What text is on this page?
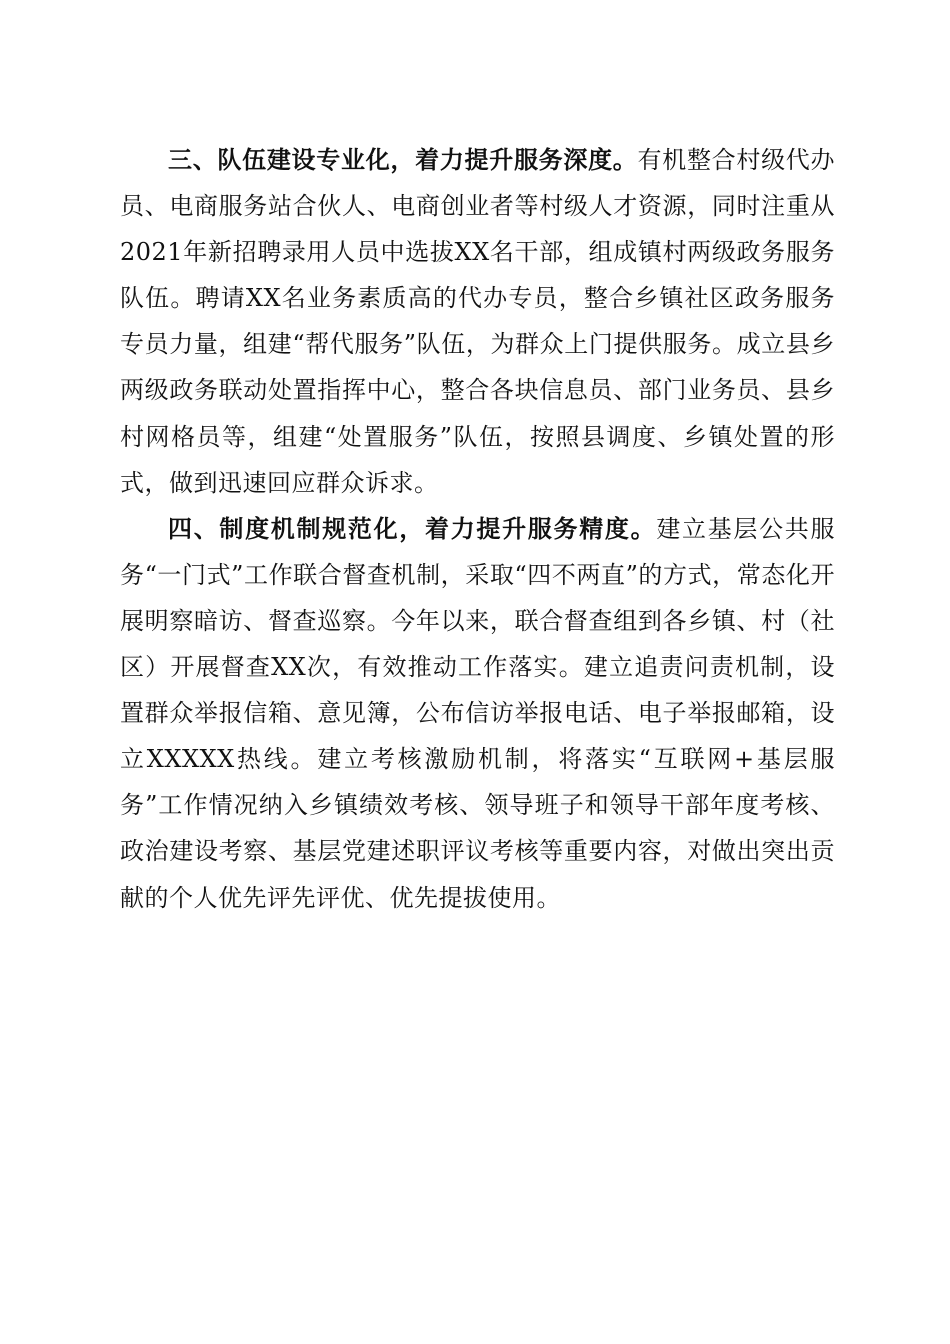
三、队伍建设专业化，着力提升服务深度。有机整合村级代办员、电商服务站合伙人、电商创业者等村级人才资源，同时注重从2021年新招聘录用人员中选拔XX名干部，组成镇村两级政务服务队伍。聘请XX名业务素质高的代办专员，整合乡镇社区政务服务专员力量，组建“帮代服务”队伍，为群众上门提供服务。成立县乡两级政务联动处置指挥中心，整合各块信息员、部门业务员、县乡村网格员等，组建“处置服务”队伍，按照县调度、乡镇处置的形式，做到迅速回应群众诉求。

四、制度机制规范化，着力提升服务精度。建立基层公共服务“一门式”工作联合督查机制，采取“四不两直”的方式，常态化开展明察暗访、督查巡察。今年以来，联合督查组到各乡镇、村（社区）开展督查XX次，有效推动工作落实。建立追责问责机制，设置群众举报信箱、意见簿，公布信访举报电话、电子举报邮箱，设立XXXXX热线。建立考核激励机制，将落实“互联网+基层服务”工作情况纳入乡镇绩效考核、领导班子和领导干部年度考核、政治建设考察、基层党建述职评议考核等重要内容，对做出突出贡献的个人优先评先评优、优先提拔使用。
